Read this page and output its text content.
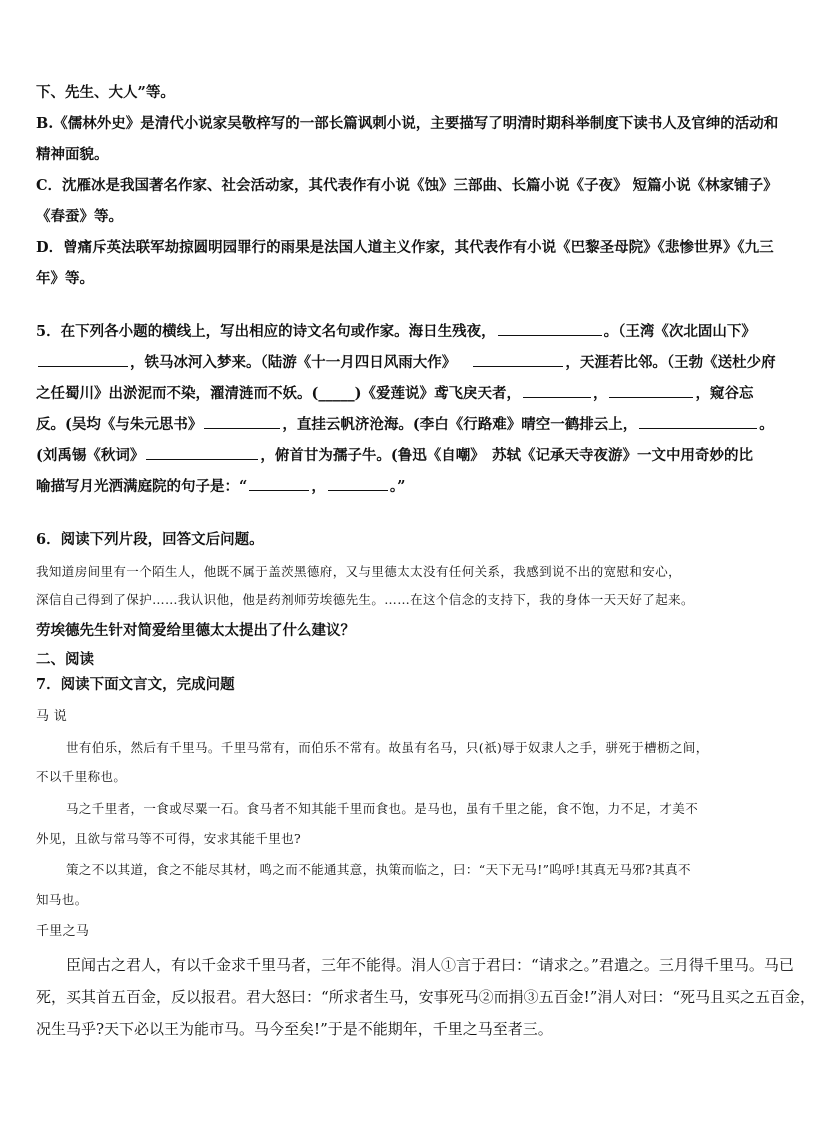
下、先生、大人”等。
B.《儒林外史》是清代小说家吴敬梓写的一部长篇讽刺小说，主要描写了明清时期科举制度下读书人及官绅的活动和
精神面貌。
C．沈雁冰是我国著名作家、社会活动家，其代表作有小说《蚀》三部曲、长篇小说《子夜》 短篇小说《林家铺子》
《春蚕》等。
D．曾痛斥英法联军劫掠圆明园罪行的雨果是法国人道主义作家，其代表作有小说《巴黎圣母院》《悲惨世界》《九三
年》等。
5．在下列各小题的横线上，写出相应的诗文名句或作家。海日生残夜，	。（王湾《次北固山下》
，铁马冰河入梦来。（陆游《十一月四日风雨大作》	，天涯若比邻。（王勃《送杜少府
之任蜀川》出淤泥而不染，濯清涟而不妖。(_____)《爱莲说》鸢飞戾天者，	，	，窥谷忘
反。(吴均《与朱元思书》	，直挂云帆济沧海。(李白《行路难》晴空一鹤排云上，	。
(刘禹锡《秋词》	，俯首甘为孺子牛。(鲁迅《自嘲》　苏轼《记承天寺夜游》一文中用奇妙的比
喻描写月光洒满庭院的句子是：“	，	。”
6．阅读下列片段，回答文后问题。
我知道房间里有一个陌生人，他既不属于盖茨黑德府，又与里德太太没有任何关系，我感到说不出的宽慰和安心，
深信自己得到了保护……我认识他，他是药剂师劳埃德先生。……在这个信念的支持下，我的身体一天天好了起来。
劳埃德先生针对简爱给里德太太提出了什么建议？
二、阅读
7．阅读下面文言文，完成问题
马 说
世有伯乐，然后有千里马。千里马常有，而伯乐不常有。故虽有名马，只(祇)辱于奴隶人之手，骈死于槽枥之间，
不以千里称也。
马之千里者，一食或尽粟一石。食马者不知其能千里而食也。是马也，虽有千里之能，食不饱，力不足，才美不
外见，且欲与常马等不可得，安求其能千里也?
策之不以其道，食之不能尽其材，鸣之而不能通其意，执策而临之，曰：“天下无马!”呜呼!其真无马邪?其真不
知马也。
千里之马
臣闻古之君人，有以千金求千里马者，三年不能得。涓人①言于君曰：“请求之。”君遣之。三月得千里马。马已
死，买其首五百金，反以报君。君大怒曰：“所求者生马，安事死马②而捐③五百金!”涓人对曰：“死马且买之五百金，
况生马乎?天下必以王为能市马。马今至矣!”于是不能期年，千里之马至者三。
